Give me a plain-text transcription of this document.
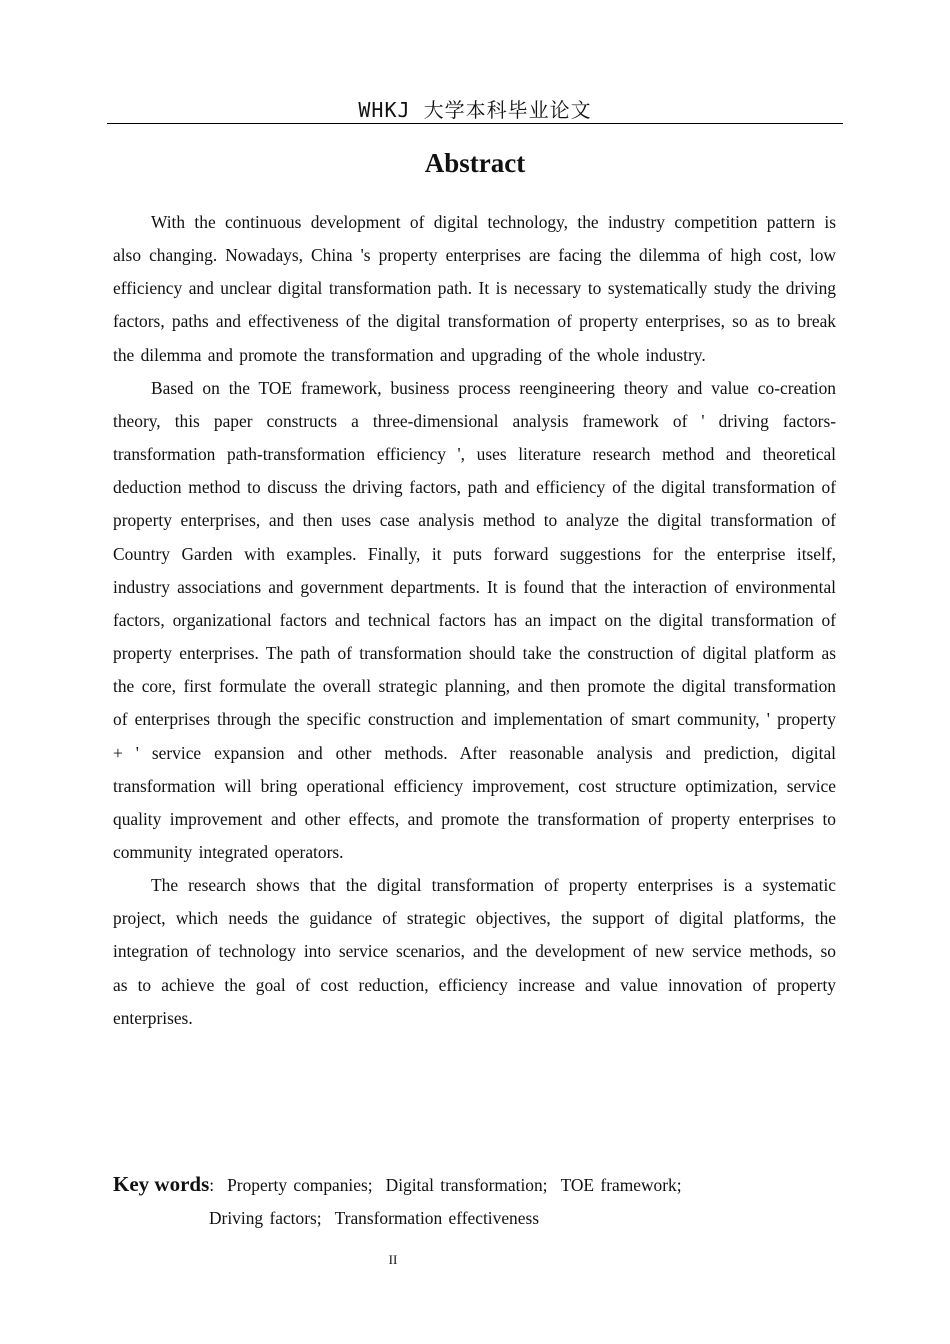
WHKJ 大学本科毕业论文
Abstract

With the continuous development of digital technology, the industry competition pattern is also changing. Nowadays, China 's property enterprises are facing the dilemma of high cost, low efficiency and unclear digital transformation path. It is necessary to systematically study the driving factors, paths and effectiveness of the digital transformation of property enterprises, so as to break the dilemma and promote the transformation and upgrading of the whole industry.

Based on the TOE framework, business process reengineering theory and value co-creation theory, this paper constructs a three-dimensional analysis framework of ' driving factors-transformation path-transformation efficiency ', uses literature research method and theoretical deduction method to discuss the driving factors, path and efficiency of the digital transformation of property enterprises, and then uses case analysis method to analyze the digital transformation of Country Garden with examples. Finally, it puts forward suggestions for the enterprise itself, industry associations and government departments. It is found that the interaction of environmental factors, organizational factors and technical factors has an impact on the digital transformation of property enterprises. The path of transformation should take the construction of digital platform as the core, first formulate the overall strategic planning, and then promote the digital transformation of enterprises through the specific construction and implementation of smart community, ' property + ' service expansion and other methods. After reasonable analysis and prediction, digital transformation will bring operational efficiency improvement, cost structure optimization, service quality improvement and other effects, and promote the transformation of property enterprises to community integrated operators.

The research shows that the digital transformation of property enterprises is a systematic project, which needs the guidance of strategic objectives, the support of digital platforms, the integration of technology into service scenarios, and the development of new service methods, so as to achieve the goal of cost reduction, efficiency increase and value innovation of property enterprises.

Key words: Property companies; Digital transformation; TOE framework;
Driving factors; Transformation effectiveness
II
